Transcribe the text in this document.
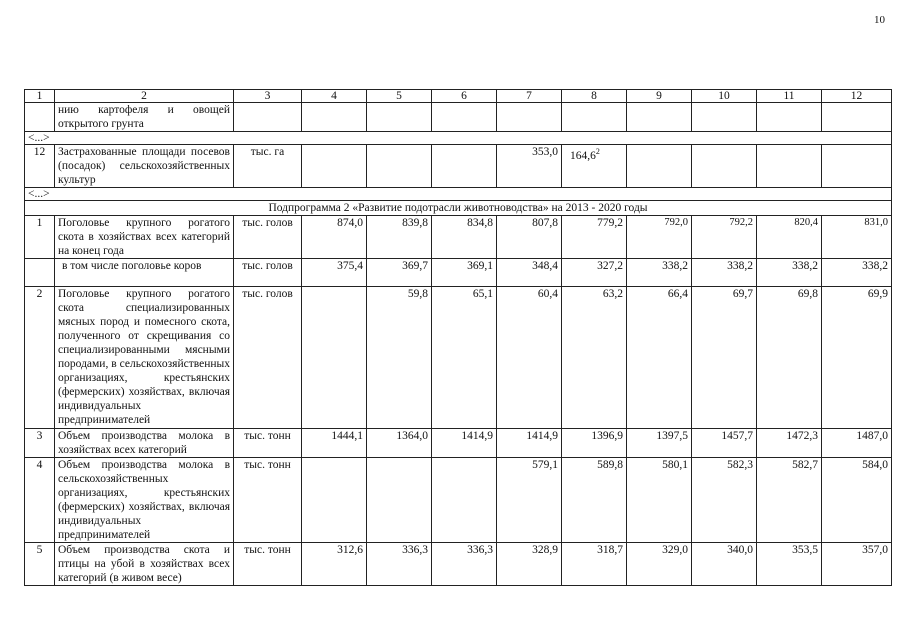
10
1	2	3	4	5	6	7	8	9	10	11	12
	нию картофеля и овощей открытого грунта										
<...>											
12	Застрахованные площади посевов (посадок) сельскохозяйственных культур	тыс. га				353,0	164,6$^2$				
<...>											
Подпрограмма 2 «Развитие подотрасли животноводства» на 2013 - 2020 годы											
1	Поголовье крупного рогатого скота в хозяйствах всех категорий на конец года	тыс. голов	874,0	839,8	834,8	807,8	779,2	792,0	792,2	820,4	831,0
	в том числе поголовье коров	тыс. голов	375,4	369,7	369,1	348,4	327,2	338,2	338,2	338,2	338,2
2	Поголовье крупного рогатого скота специализированных мясных пород и помесного скота, полученного от скрещивания со специализированными мясными породами, в сельскохозяйственных организациях, крестьянских (фермерских) хозяйствах, включая индивидуальных предпринимателей	тыс. голов		59,8	65,1	60,4	63,2	66,4	69,7	69,8	69,9
3	Объем производства молока в хозяйствах всех категорий	тыс. тонн	1444,1	1364,0	1414,9	1414,9	1396,9	1397,5	1457,7	1472,3	1487,0
4	Объем производства молока в сельскохозяйственных организациях, крестьянских (фермерских) хозяйствах, включая индивидуальных предпринимателей	тыс. тонн				579,1	589,8	580,1	582,3	582,7	584,0
5	Объем производства скота и птицы на убой в хозяйствах всех категорий (в живом весе)	тыс. тонн	312,6	336,3	336,3	328,9	318,7	329,0	340,0	353,5	357,0
